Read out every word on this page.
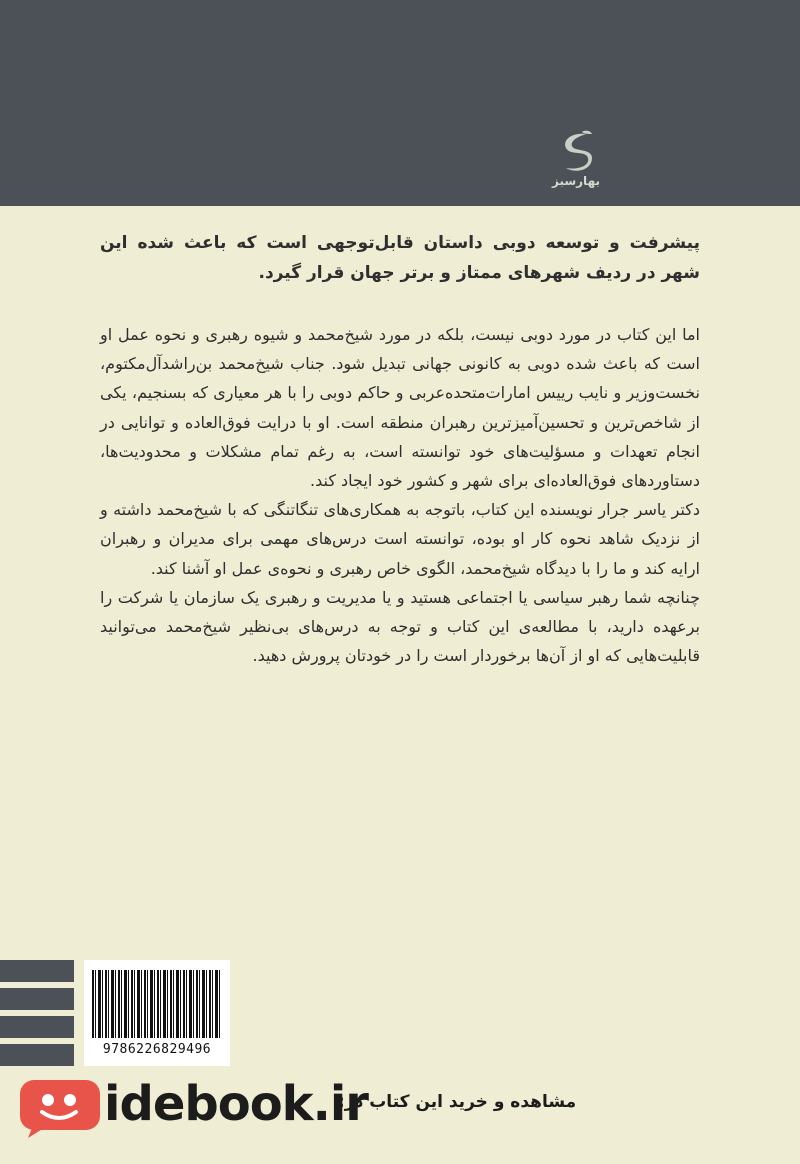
بهارسبز
پیشرفت و توسعه دوبی داستان قابل‌توجهی است که باعث شده این شهر در ردیف شهرهای ممتاز و برتر جهان قرار گیرد.

اما این کتاب در مورد دوبی نیست، بلکه در مورد شیخ‌محمد و شیوه رهبری و نحوه عمل او است که باعث شده دوبی به کانونی جهانی تبدیل شود. جناب شیخ‌محمد بن‌راشدآل‌مکتوم، نخست‌وزیر و نایب رییس امارات‌متحده‌عربی و حاکم دوبی را با هر معیاری که بسنجیم، یکی از شاخص‌ترین و تحسین‌آمیزترین رهبران منطقه است. او با درایت فوق‌العاده و توانایی در انجام تعهدات و مسؤلیت‌های خود توانسته است، به رغم تمام مشکلات و محدودیت‌ها، دستاوردهای فوق‌العاده‌ای برای شهر و کشور خود ایجاد کند.

دکتر یاسر جرار نویسنده این کتاب، باتوجه به همکاری‌های تنگاتنگی که با شیخ‌محمد داشته و از نزدیک شاهد نحوه کار او بوده، توانسته است درس‌های مهمی برای مدیران و رهبران ارایه کند و ما را با دیدگاه شیخ‌محمد، الگوی خاص رهبری و نحوه‌ی عمل او آشنا کند.

چنانچه شما رهبر سیاسی یا اجتماعی هستید و یا مدیریت و رهبری یک سازمان یا شرکت را برعهده دارید، با مطالعه‌ی این کتاب و توجه به درس‌های بی‌نظیر شیخ‌محمد می‌توانید قابلیت‌هایی که او از آن‌ها برخوردار است را در خودتان پرورش دهید.

9786226829496
idebook.ir
مشاهده و خرید این کتاب در:
